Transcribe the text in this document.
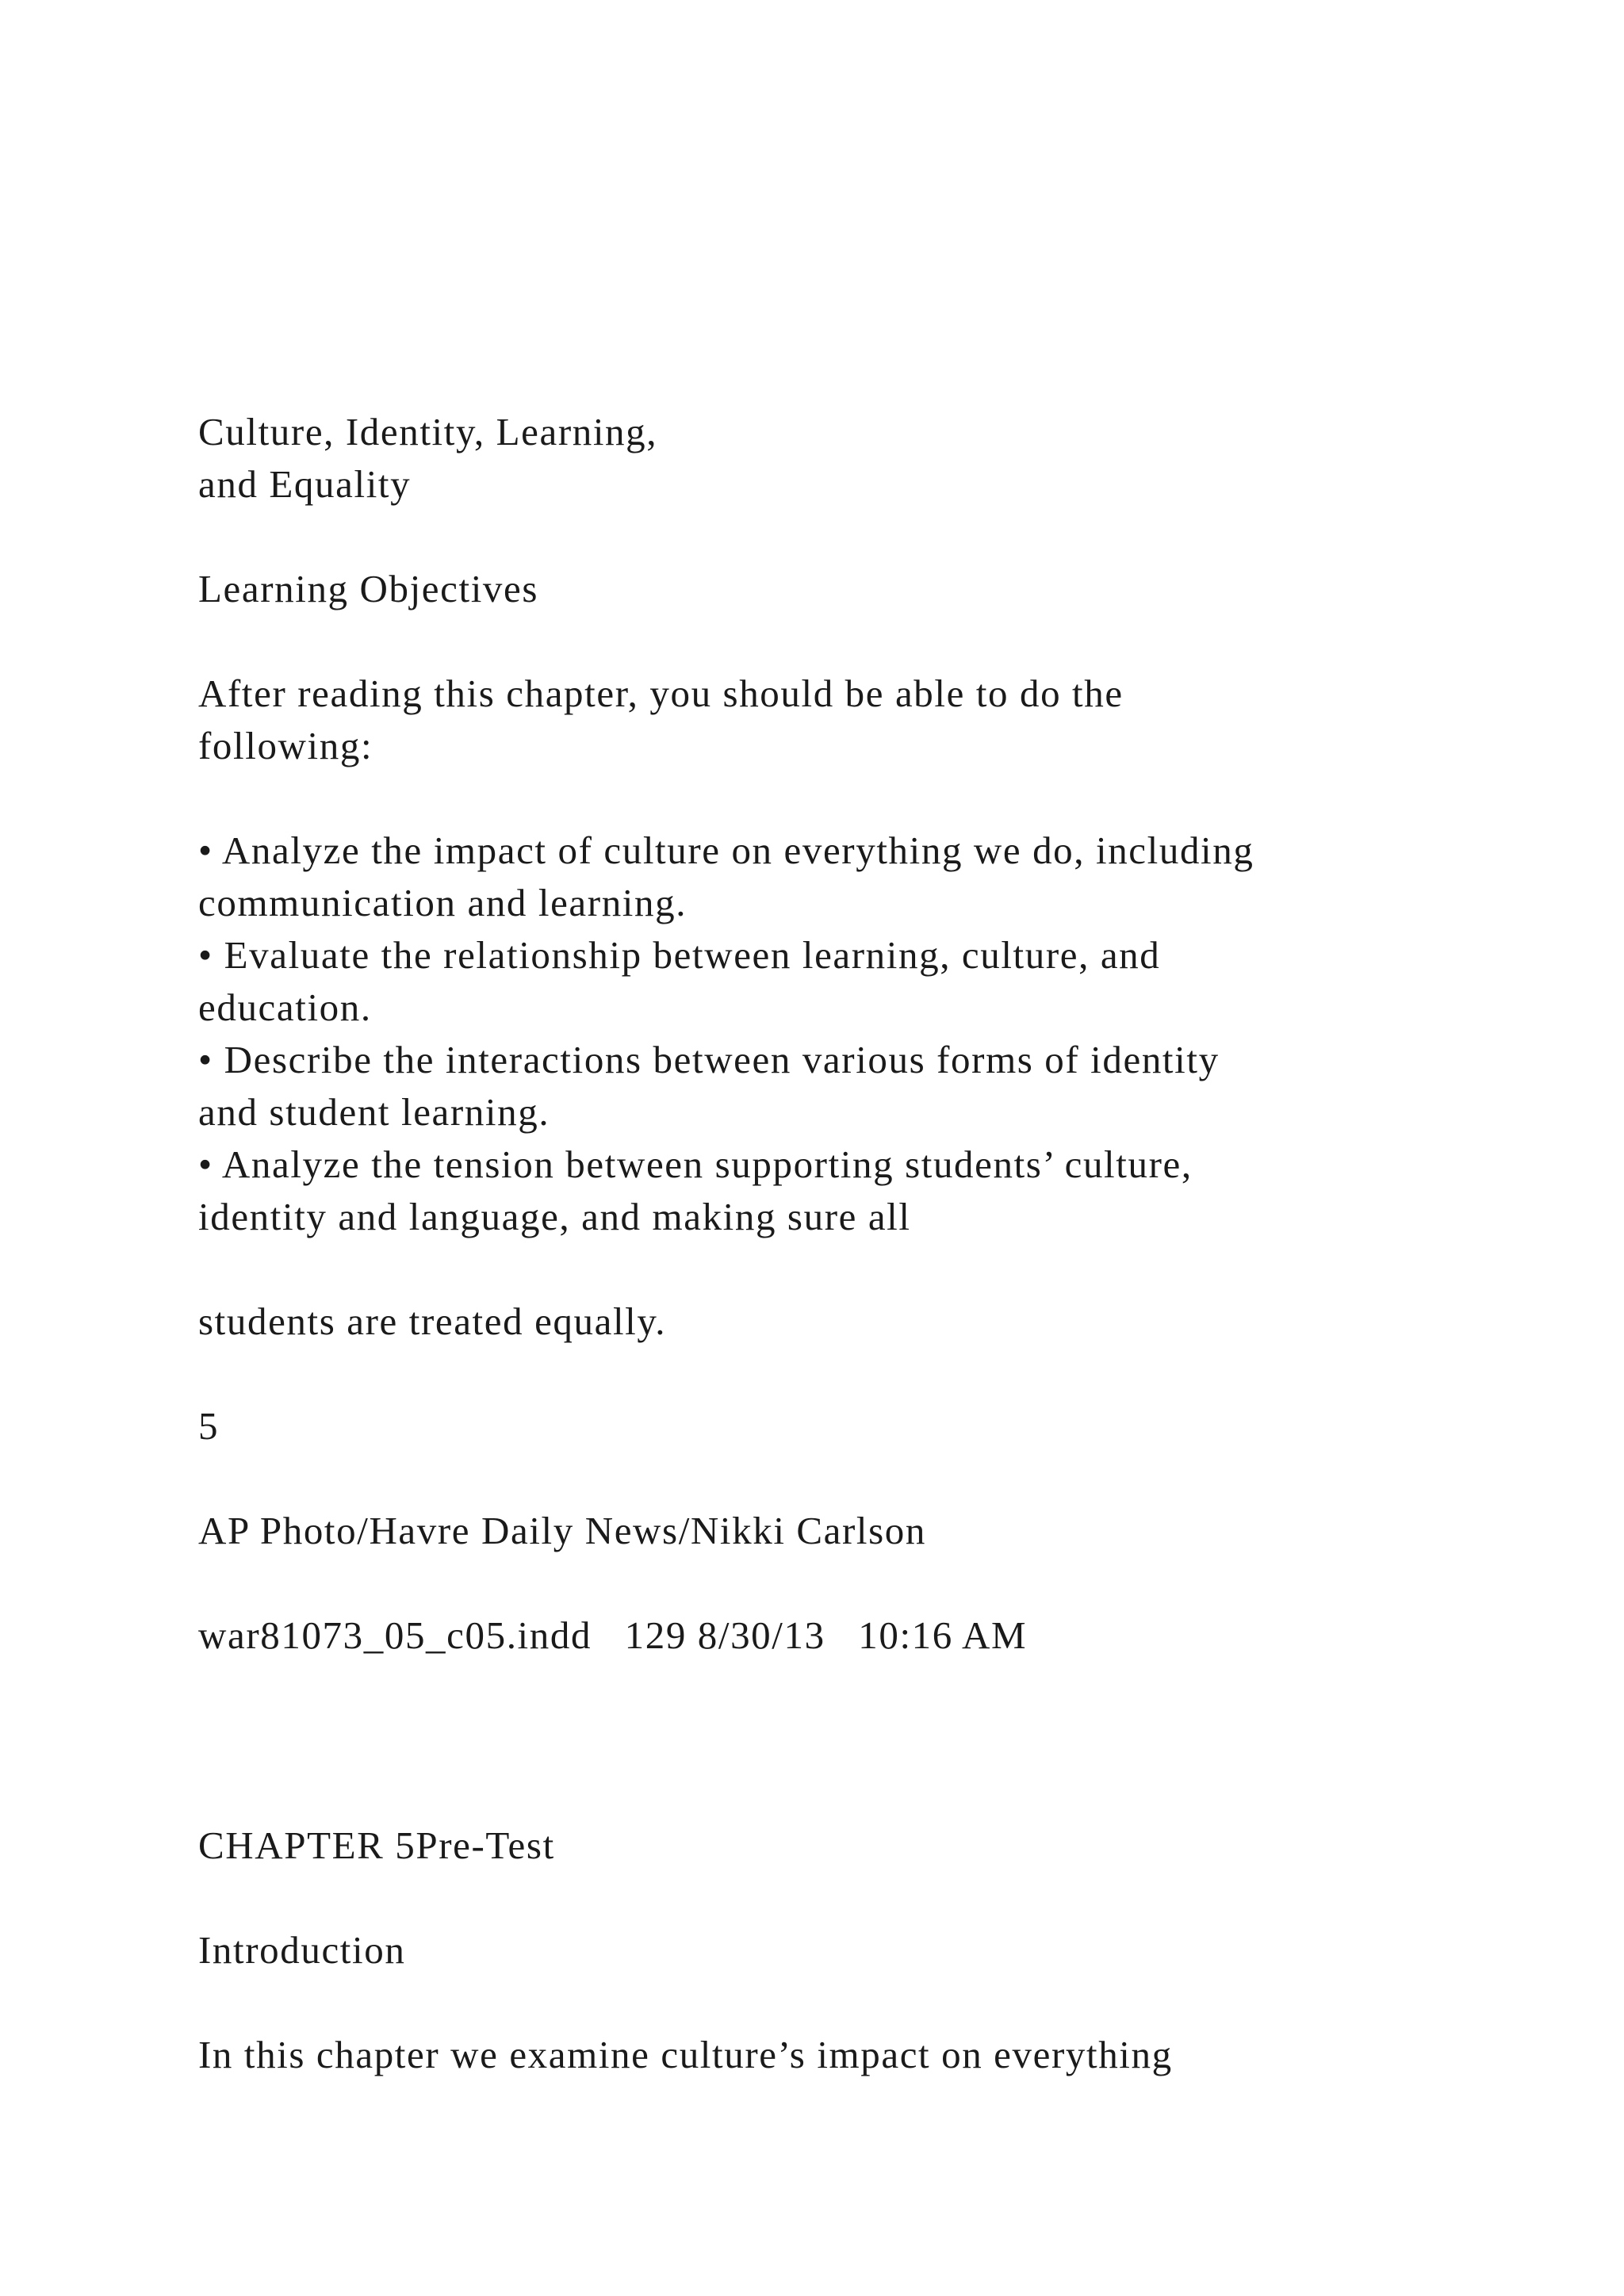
Culture, Identity, Learning,
and Equality
Learning Objectives
After reading this chapter, you should be able to do the
following:
• Analyze the impact of culture on everything we do, including
communication and learning.
• Evaluate the relationship between learning, culture, and
education.
• Describe the interactions between various forms of identity
and student learning.
• Analyze the tension between supporting students’ culture,
identity and language, and making sure all
students are treated equally.
5
AP Photo/Havre Daily News/Nikki Carlson
war81073_05_c05.indd   129 8/30/13   10:16 AM
CHAPTER 5Pre-Test
Introduction
In this chapter we examine culture’s impact on everything
